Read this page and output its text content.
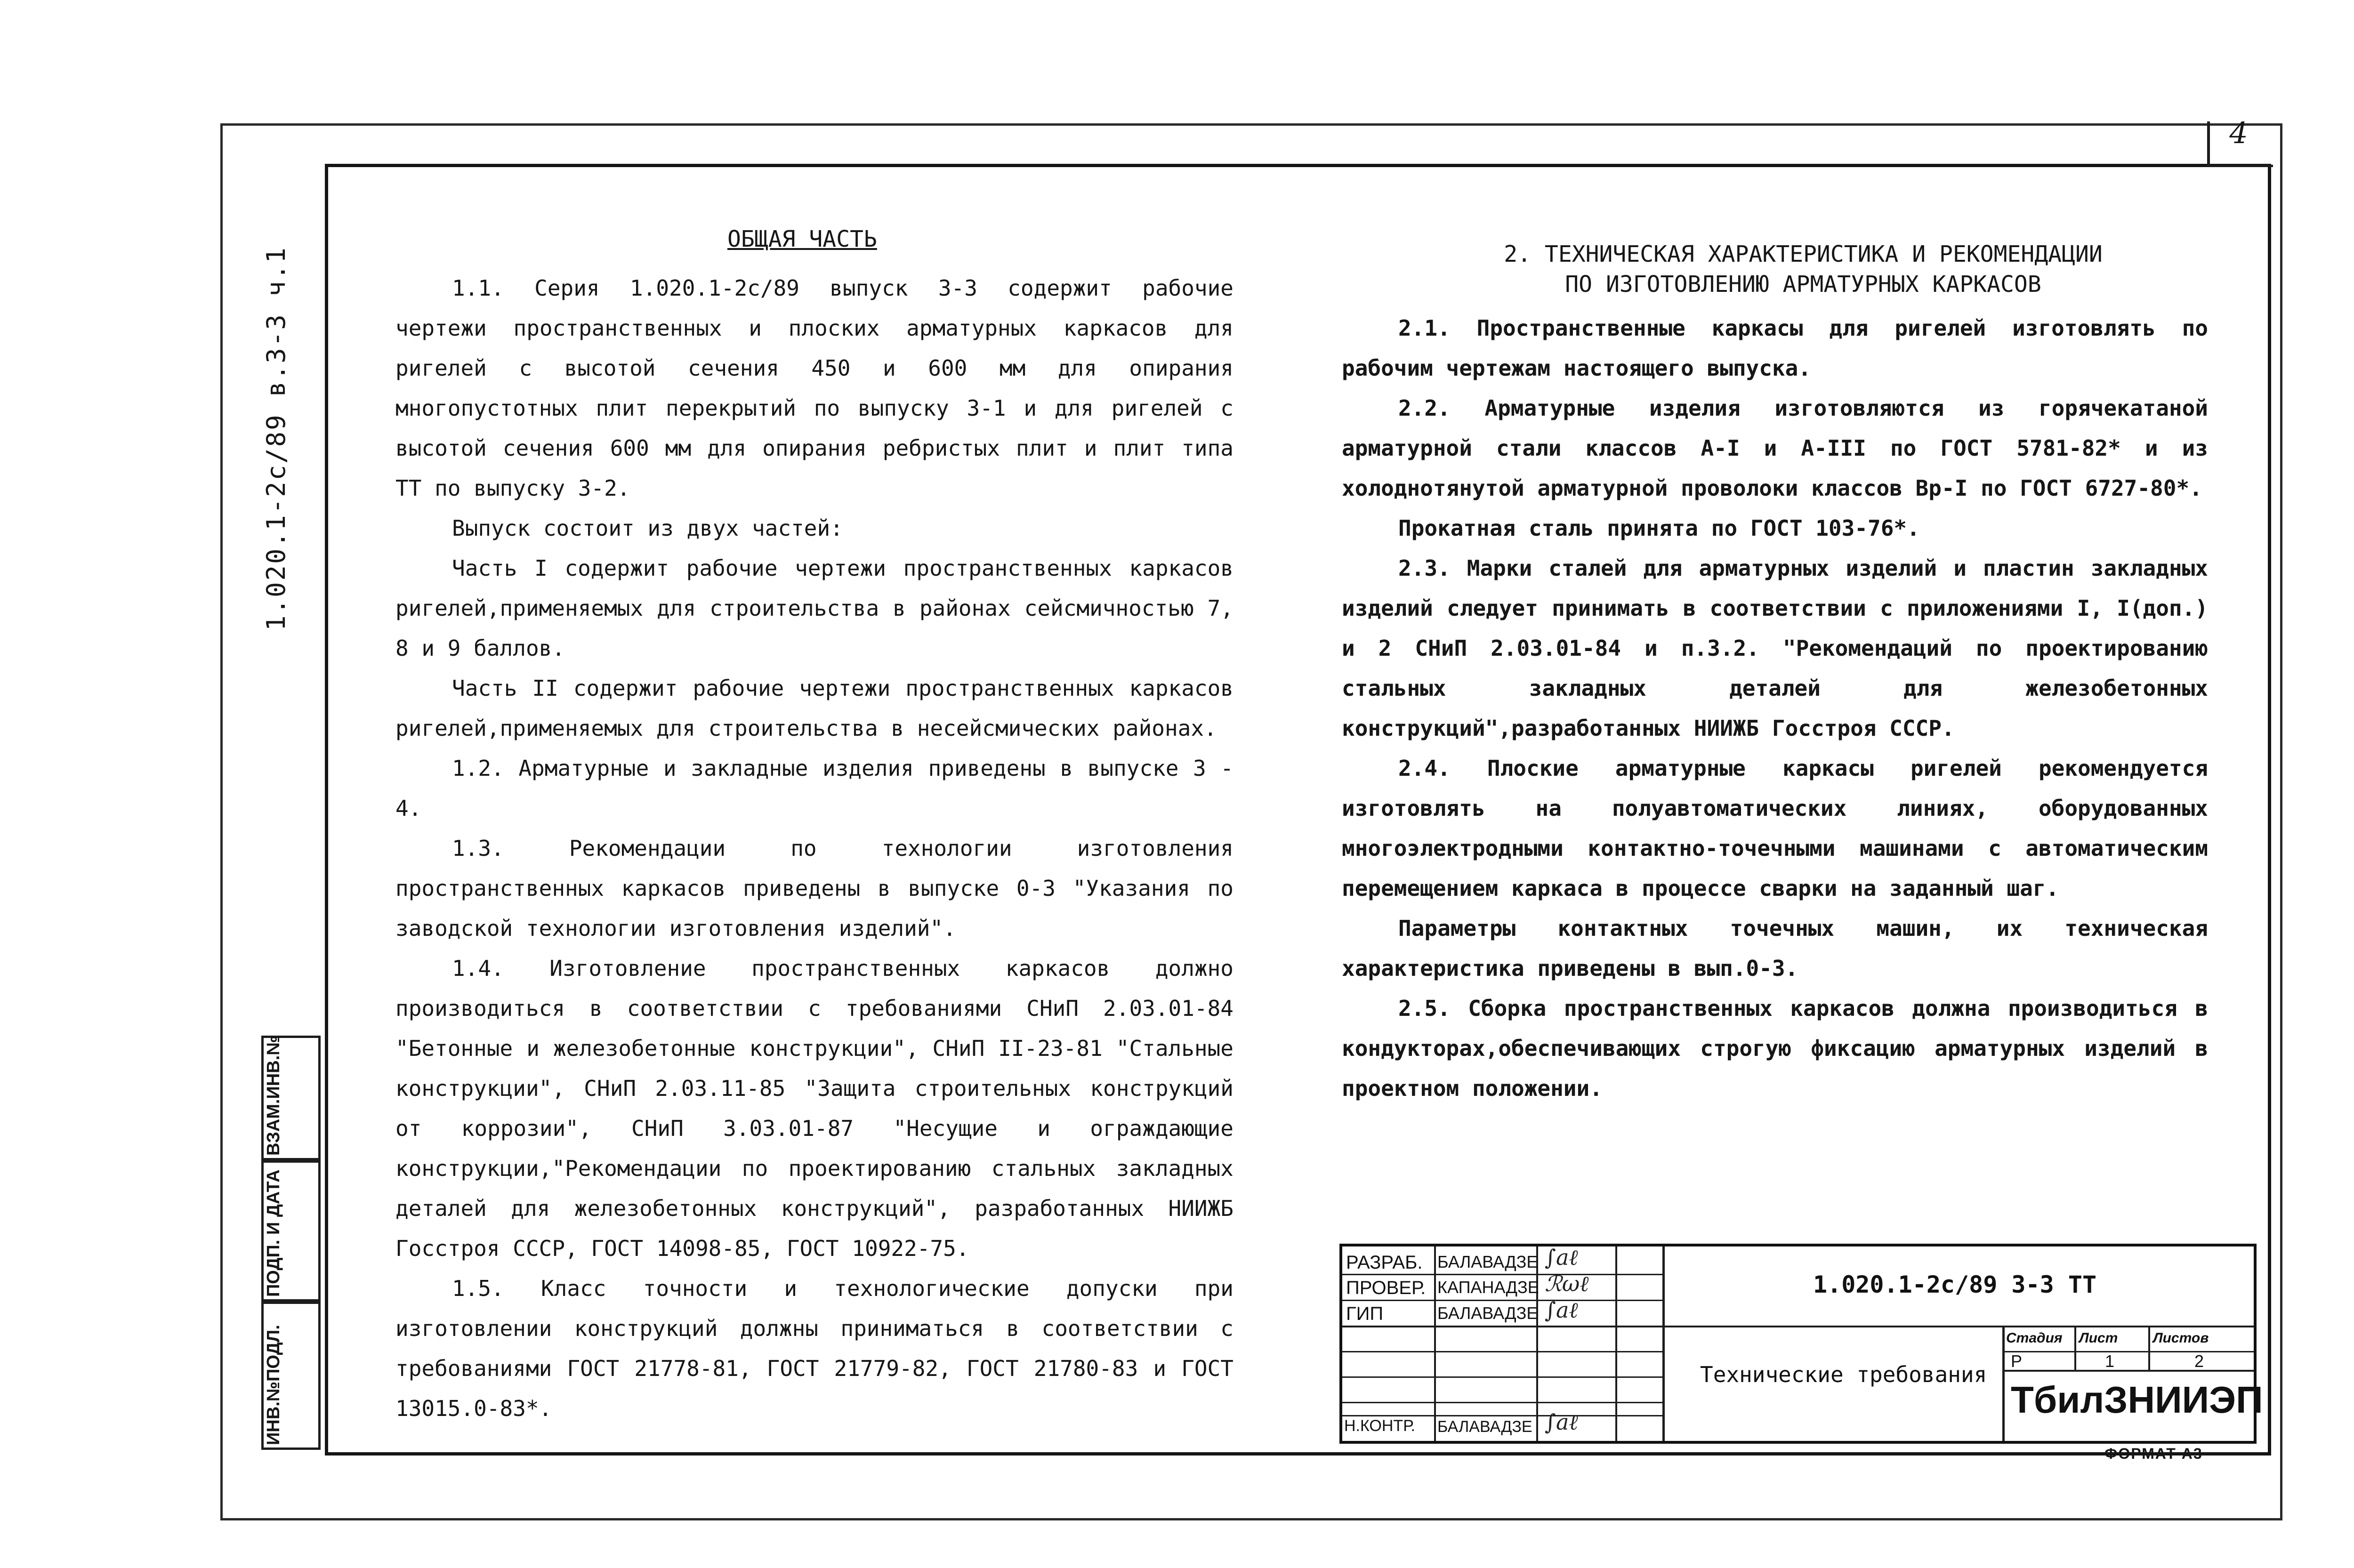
4
1.020.1-2с/89 в.3-3 ч.1
ВЗАМ.ИНВ.№
ПОДП. И ДАТА
ИНВ.№ПОДЛ.
ОБЩАЯ ЧАСТЬ

1.1. Серия 1.020.1-2с/89 выпуск 3-3 содержит рабочие чертежи пространственных и плоских арматурных каркасов для ригелей с высотой сечения 450 и 600 мм для опирания многопустотных плит перекрытий по выпуску 3-1 и для ригелей с высотой сечения 600 мм для опирания ребристых плит и плит типа ТТ по выпуску 3-2.

Выпуск состоит из двух частей:

Часть I содержит рабочие чертежи пространственных каркасов ригелей,применяемых для строительства в районах сейсмичностью 7, 8 и 9 баллов.

Часть II содержит рабочие чертежи пространственных каркасов ригелей,применяемых для строительства в несейсмических районах.

1.2. Арматурные и закладные изделия приведены в выпуске 3 - 4.

1.3. Рекомендации по технологии изготовления пространственных каркасов приведены в выпуске 0-3 "Указания по заводской технологии изготовления изделий".

1.4. Изготовление пространственных каркасов должно производиться в соответствии с требованиями СНиП 2.03.01-84 "Бетонные и железобетонные конструкции", СНиП II-23-81 "Стальные конструкции", СНиП 2.03.11-85 "Защита строительных конструкций от коррозии", СНиП 3.03.01-87 "Несущие и ограждающие конструкции,"Рекомендации по проектированию стальных закладных деталей для железобетонных конструкций", разработанных НИИЖБ Госстроя СССР, ГОСТ 14098-85, ГОСТ 10922-75.

1.5. Класс точности и технологические допуски при изготовлении конструкций должны приниматься в соответствии с требованиями ГОСТ 21778-81, ГОСТ 21779-82, ГОСТ 21780-83 и ГОСТ 13015.0-83*.

2. ТЕХНИЧЕСКАЯ ХАРАКТЕРИСТИКА И РЕКОМЕНДАЦИИ
ПО ИЗГОТОВЛЕНИЮ АРМАТУРНЫХ КАРКАСОВ

2.1. Пространственные каркасы для ригелей изготовлять по рабочим чертежам настоящего выпуска.

2.2. Арматурные изделия изготовляются из горячекатаной арматурной стали классов А-I и А-III по ГОСТ 5781-82* и из холоднотянутой арматурной проволоки классов Вр-I по ГОСТ 6727-80*.

Прокатная сталь принята по ГОСТ 103-76*.

2.3. Марки сталей для арматурных изделий и пластин закладных изделий следует принимать в соответствии с приложениями I, I(доп.) и 2 СНиП 2.03.01-84 и п.3.2. "Рекомендаций по проектированию стальных закладных деталей для железобетонных конструкций",разработанных НИИЖБ Госстроя СССР.

2.4. Плоские арматурные каркасы ригелей рекомендуется изготовлять на полуавтоматических линиях, оборудованных многоэлектродными контактно-точечными машинами с автоматическим перемещением каркаса в процессе сварки на заданный шаг.

Параметры контактных точечных машин, их техническая характеристика приведены в вып.0-3.

2.5. Сборка пространственных каркасов должна производиться в кондукторах,обеспечивающих строгую фиксацию арматурных изделий в проектном положении.

РАЗРАБ.
ПРОВЕР.
ГИП
Н.КОНТР.
БАЛАВАДЗЕ
КАПАНАДЗЕ
БАЛАВАДЗЕ
БАЛАВАДЗЕ
∫aℓ
ℛωℓ
∫aℓ
∫aℓ
1.020.1-2с/89 3-3 ТТ
Технические требования
Стадия Лист Листов
Р	1	2
ТбилЗНИИЭП
ФОРМАТ А3
